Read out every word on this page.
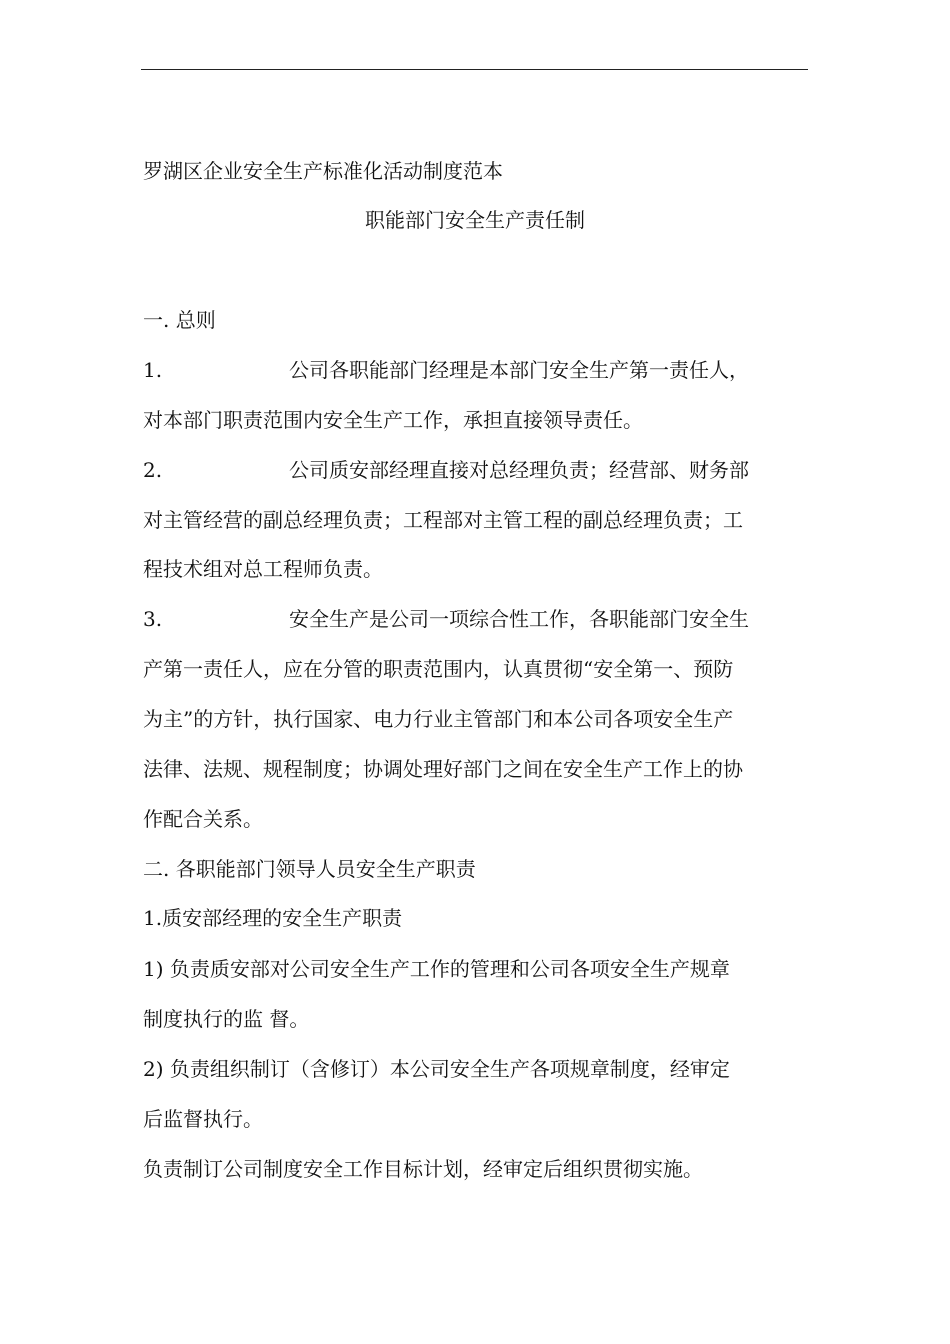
罗湖区企业安全生产标准化活动制度范本
职能部门安全生产责任制
一. 总则
1.	公司各职能部门经理是本部门安全生产第一责任人，
对本部门职责范围内安全生产工作，承担直接领导责任。
2.	公司质安部经理直接对总经理负责；经营部、财务部
对主管经营的副总经理负责；工程部对主管工程的副总经理负责；工
程技术组对总工程师负责。
3.	安全生产是公司一项综合性工作，各职能部门安全生
产第一责任人，应在分管的职责范围内，认真贯彻“安全第一、预防
为主”的方针，执行国家、电力行业主管部门和本公司各项安全生产
法律、法规、规程制度；协调处理好部门之间在安全生产工作上的协
作配合关系。
二. 各职能部门领导人员安全生产职责
1.质安部经理的安全生产职责
1) 负责质安部对公司安全生产工作的管理和公司各项安全生产规章
制度执行的监 督。
2) 负责组织制订（含修订）本公司安全生产各项规章制度，经审定
后监督执行。
负责制订公司制度安全工作目标计划，经审定后组织贯彻实施。
